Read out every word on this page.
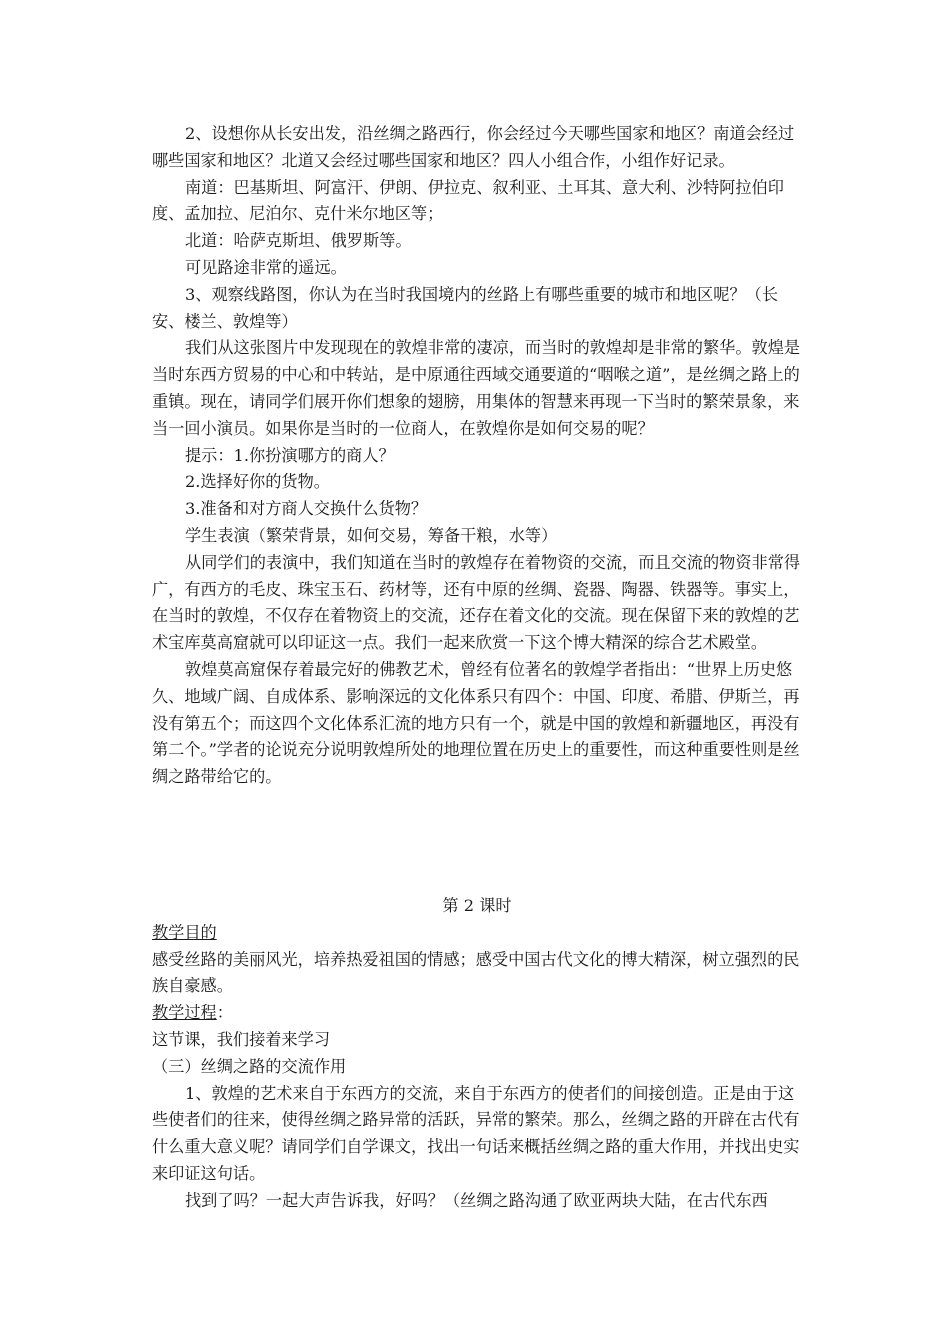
2、设想你从长安出发，沿丝绸之路西行，你会经过今天哪些国家和地区？南道会经过哪些国家和地区？北道又会经过哪些国家和地区？四人小组合作，小组作好记录。

南道：巴基斯坦、阿富汗、伊朗、伊拉克、叙利亚、土耳其、意大利、沙特阿拉伯印度、孟加拉、尼泊尔、克什米尔地区等；

北道：哈萨克斯坦、俄罗斯等。

可见路途非常的遥远。

3、观察线路图，你认为在当时我国境内的丝路上有哪些重要的城市和地区呢？（长安、楼兰、敦煌等）

我们从这张图片中发现现在的敦煌非常的凄凉，而当时的敦煌却是非常的繁华。敦煌是当时东西方贸易的中心和中转站，是中原通往西域交通要道的“咽喉之道”，是丝绸之路上的重镇。现在，请同学们展开你们想象的翅膀，用集体的智慧来再现一下当时的繁荣景象，来当一回小演员。如果你是当时的一位商人，在敦煌你是如何交易的呢？

提示：1.你扮演哪方的商人？

2.选择好你的货物。

3.准备和对方商人交换什么货物？

学生表演（繁荣背景，如何交易，筹备干粮，水等）

从同学们的表演中，我们知道在当时的敦煌存在着物资的交流，而且交流的物资非常得广，有西方的毛皮、珠宝玉石、药材等，还有中原的丝绸、瓷器、陶器、铁器等。事实上，在当时的敦煌，不仅存在着物资上的交流，还存在着文化的交流。现在保留下来的敦煌的艺术宝库莫高窟就可以印证这一点。我们一起来欣赏一下这个博大精深的综合艺术殿堂。

敦煌莫高窟保存着最完好的佛教艺术，曾经有位著名的敦煌学者指出：“世界上历史悠久、地域广阔、自成体系、影响深远的文化体系只有四个：中国、印度、希腊、伊斯兰，再没有第五个；而这四个文化体系汇流的地方只有一个，就是中国的敦煌和新疆地区，再没有第二个。”学者的论说充分说明敦煌所处的地理位置在历史上的重要性，而这种重要性则是丝绸之路带给它的。

第 2 课时

教学目的

感受丝路的美丽风光，培养热爱祖国的情感；感受中国古代文化的博大精深，树立强烈的民族自豪感。

教学过程：

这节课，我们接着来学习

（三）丝绸之路的交流作用

1、敦煌的艺术来自于东西方的交流，来自于东西方的使者们的间接创造。正是由于这些使者们的往来，使得丝绸之路异常的活跃，异常的繁荣。那么，丝绸之路的开辟在古代有什么重大意义呢？请同学们自学课文，找出一句话来概括丝绸之路的重大作用，并找出史实来印证这句话。

找到了吗？一起大声告诉我，好吗？（丝绸之路沟通了欧亚两块大陆，在古代东西
